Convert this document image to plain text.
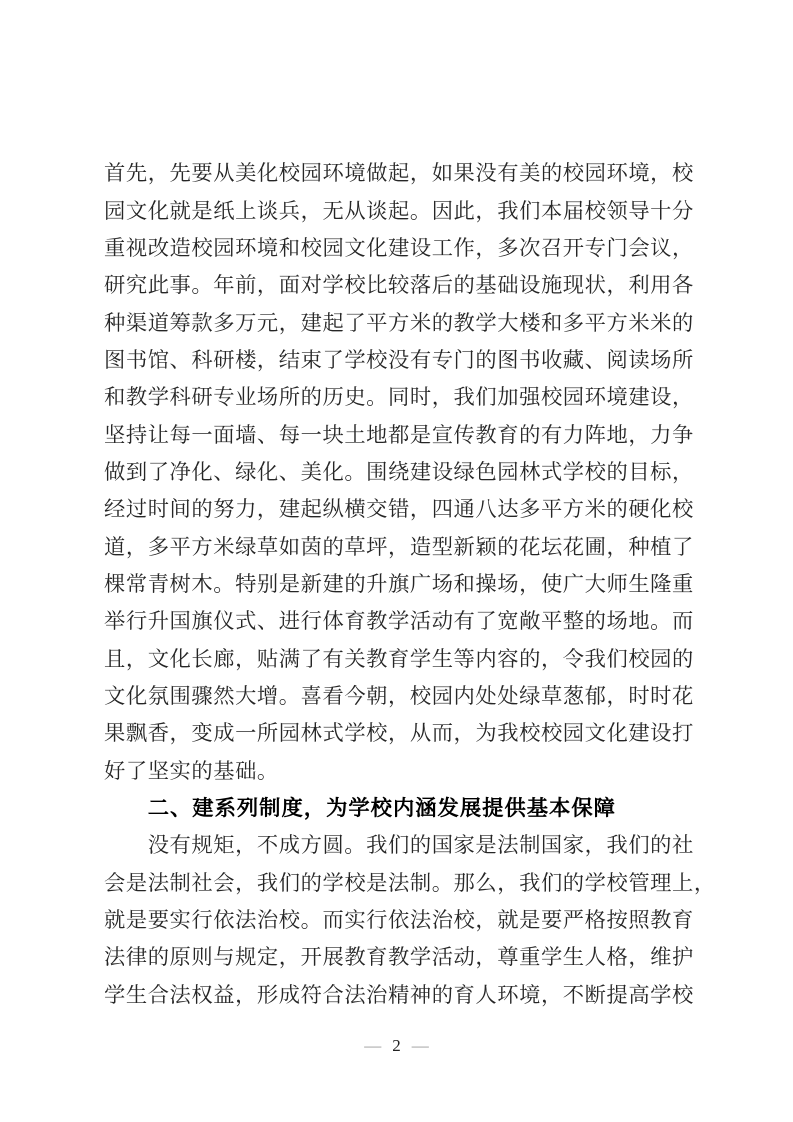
首先，先要从美化校园环境做起，如果没有美的校园环境，校
园文化就是纸上谈兵，无从谈起。因此，我们本届校领导十分
重视改造校园环境和校园文化建设工作，多次召开专门会议，
研究此事。年前，面对学校比较落后的基础设施现状，利用各
种渠道筹款多万元，建起了平方米的教学大楼和多平方米米的
图书馆、科研楼，结束了学校没有专门的图书收藏、阅读场所
和教学科研专业场所的历史。同时，我们加强校园环境建设，
坚持让每一面墙、每一块土地都是宣传教育的有力阵地，力争
做到了净化、绿化、美化。围绕建设绿色园林式学校的目标，
经过时间的努力，建起纵横交错，四通八达多平方米的硬化校
道，多平方米绿草如茵的草坪，造型新颖的花坛花圃，种植了
棵常青树木。特别是新建的升旗广场和操场，使广大师生隆重
举行升国旗仪式、进行体育教学活动有了宽敞平整的场地。而
且，文化长廊，贴满了有关教育学生等内容的，令我们校园的
文化氛围骤然大增。喜看今朝，校园内处处绿草葱郁，时时花
果飘香，变成一所园林式学校，从而，为我校校园文化建设打
好了坚实的基础。
二、建系列制度，为学校内涵发展提供基本保障
没有规矩，不成方圆。我们的国家是法制国家，我们的社
会是法制社会，我们的学校是法制。那么，我们的学校管理上，
就是要实行依法治校。而实行依法治校，就是要严格按照教育
法律的原则与规定，开展教育教学活动，尊重学生人格，维护
学生合法权益，形成符合法治精神的育人环境，不断提高学校
— 2 —
